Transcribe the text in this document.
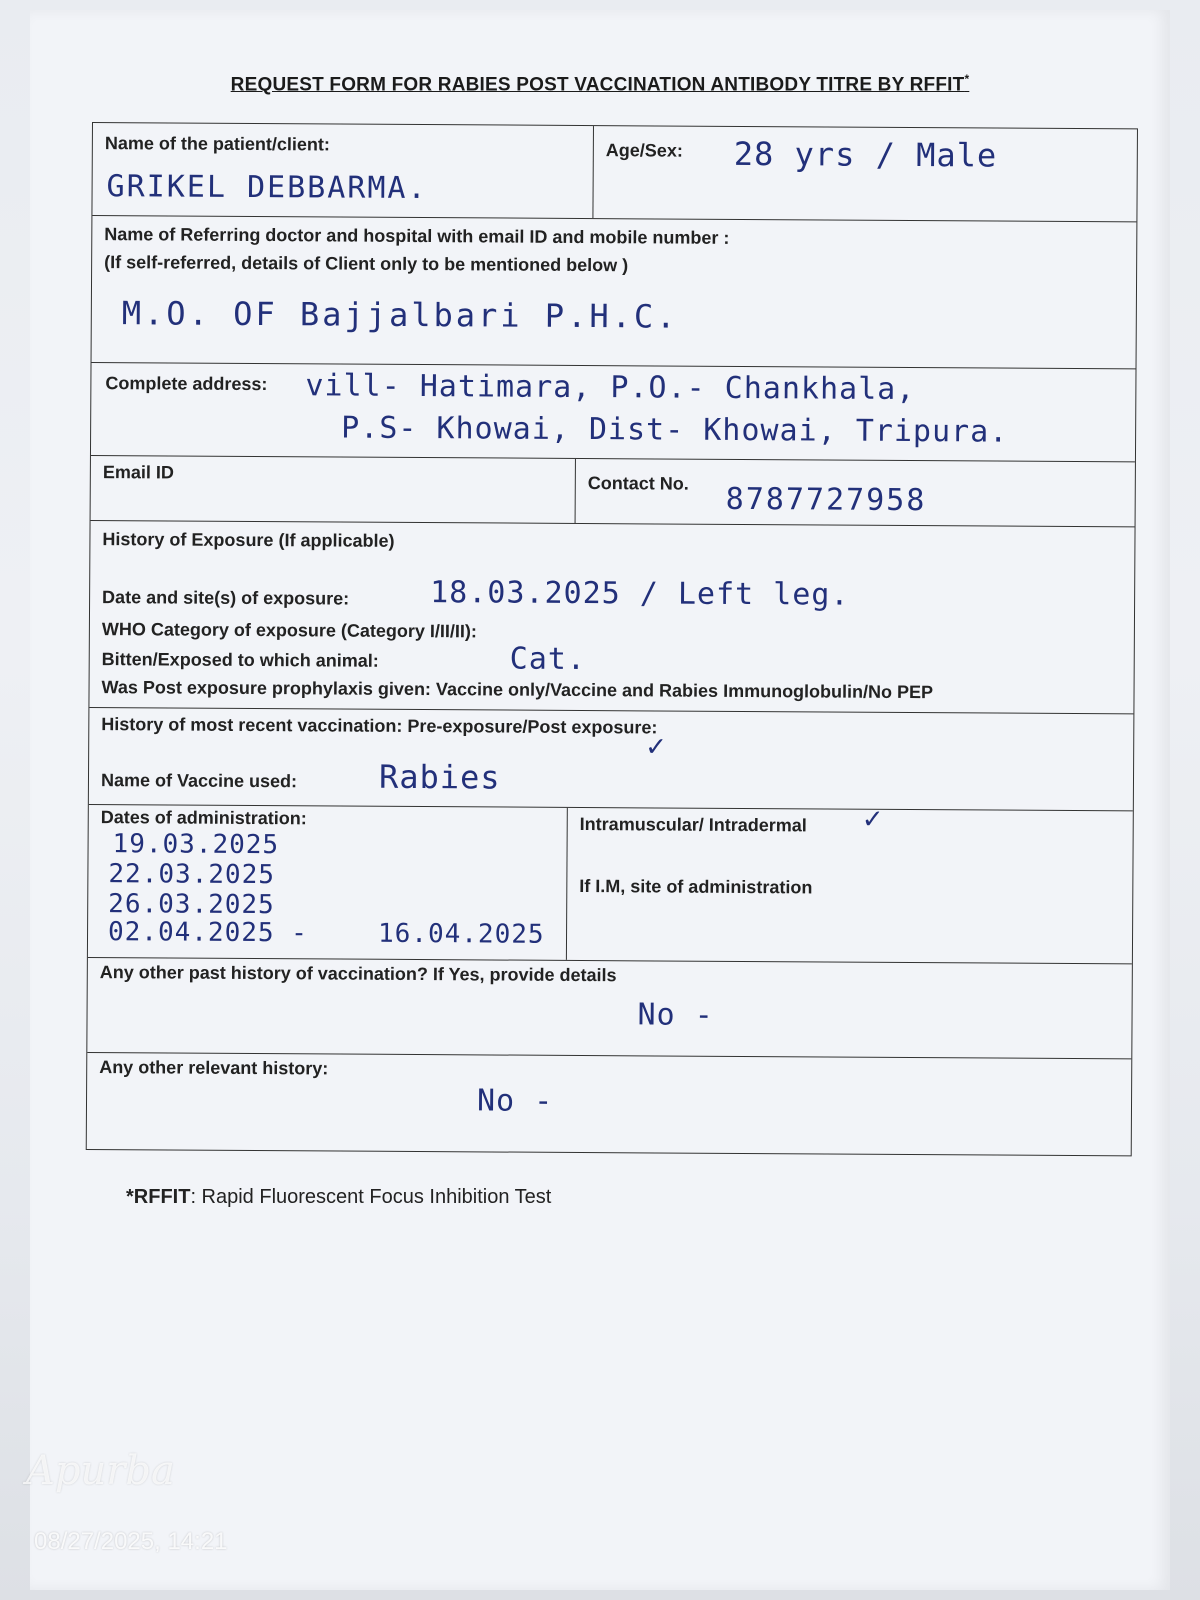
REQUEST FORM FOR RABIES POST VACCINATION ANTIBODY TITRE BY RFFIT*
Name of the patient/client:
GRIKEL DEBBARMA.
Age/Sex: 28 yrs / Male
Name of Referring doctor and hospital with email ID and mobile number :
(If self-referred, details of Client only to be mentioned below )
M.O. OF Bajjalbari P.H.C.
Complete address: vill- Hatimara, P.O.- Chankhala,
P.S- Khowai, Dist- Khowai, Tripura.
Email ID
Contact No. 8787727958
History of Exposure (If applicable)
Date and site(s) of exposure:	18.03.2025 / Left leg.
WHO Category of exposure (Category I/II/II):
Bitten/Exposed to which animal:	Cat.
Was Post exposure prophylaxis given: Vaccine only/Vaccine and Rabies Immunoglobulin/No PEP
History of most recent vaccination: Pre-exposure/Post exposure:
✓
Name of Vaccine used:	Rabies
Dates of administration:
19.03.2025
22.03.2025
26.03.2025
02.04.2025 -	16.04.2025
Intramuscular/ Intradermal ✓
If I.M, site of administration
Any other past history of vaccination? If Yes, provide details
No -
Any other relevant history:
No -
*RFFIT: Rapid Fluorescent Focus Inhibition Test
Apurba
08/27/2025, 14:21
